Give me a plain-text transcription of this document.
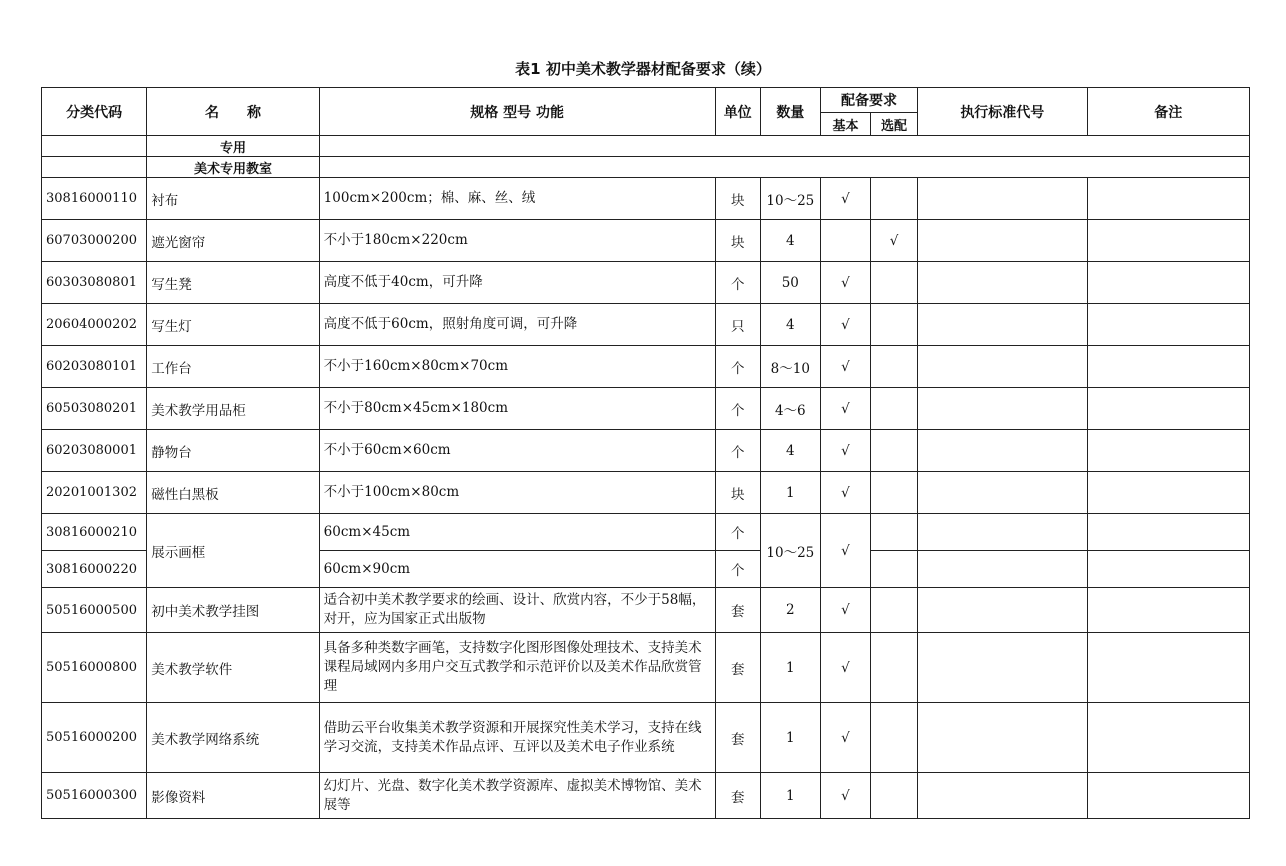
表1 初中美术教学器材配备要求（续）
分类代码	名　　称	规格 型号 功能	单位	数量	配备要求		执行标准代号	备注
					基本	选配		
	专用							
	美术专用教室							
30816000110	衬布	100cm×200cm；棉、麻、丝、绒	块	10～25	√			
60703000200	遮光窗帘	不小于180cm×220cm	块	4		√		
60303080801	写生凳	高度不低于40cm，可升降	个	50	√			
20604000202	写生灯	高度不低于60cm，照射角度可调，可升降	只	4	√			
60203080101	工作台	不小于160cm×80cm×70cm	个	8～10	√			
60503080201	美术教学用品柜	不小于80cm×45cm×180cm	个	4～6	√			
60203080001	静物台	不小于60cm×60cm	个	4	√			
20201001302	磁性白黑板	不小于100cm×80cm	块	1	√			
30816000210	展示画框	60cm×45cm	个	10～25	√			
30816000220		60cm×90cm	个					
50516000500	初中美术教学挂图	适合初中美术教学要求的绘画、设计、欣赏内容，不少于58幅，对开，应为国家正式出版物	套	2	√			
50516000800	美术教学软件	具备多种类数字画笔，支持数字化图形图像处理技术、支持美术课程局域网内多用户交互式教学和示范评价以及美术作品欣赏管理	套	1	√			
50516000200	美术教学网络系统	借助云平台收集美术教学资源和开展探究性美术学习，支持在线学习交流，支持美术作品点评、互评以及美术电子作业系统	套	1	√			
50516000300	影像资料	幻灯片、光盘、数字化美术教学资源库、虚拟美术博物馆、美术展等	套	1	√			
